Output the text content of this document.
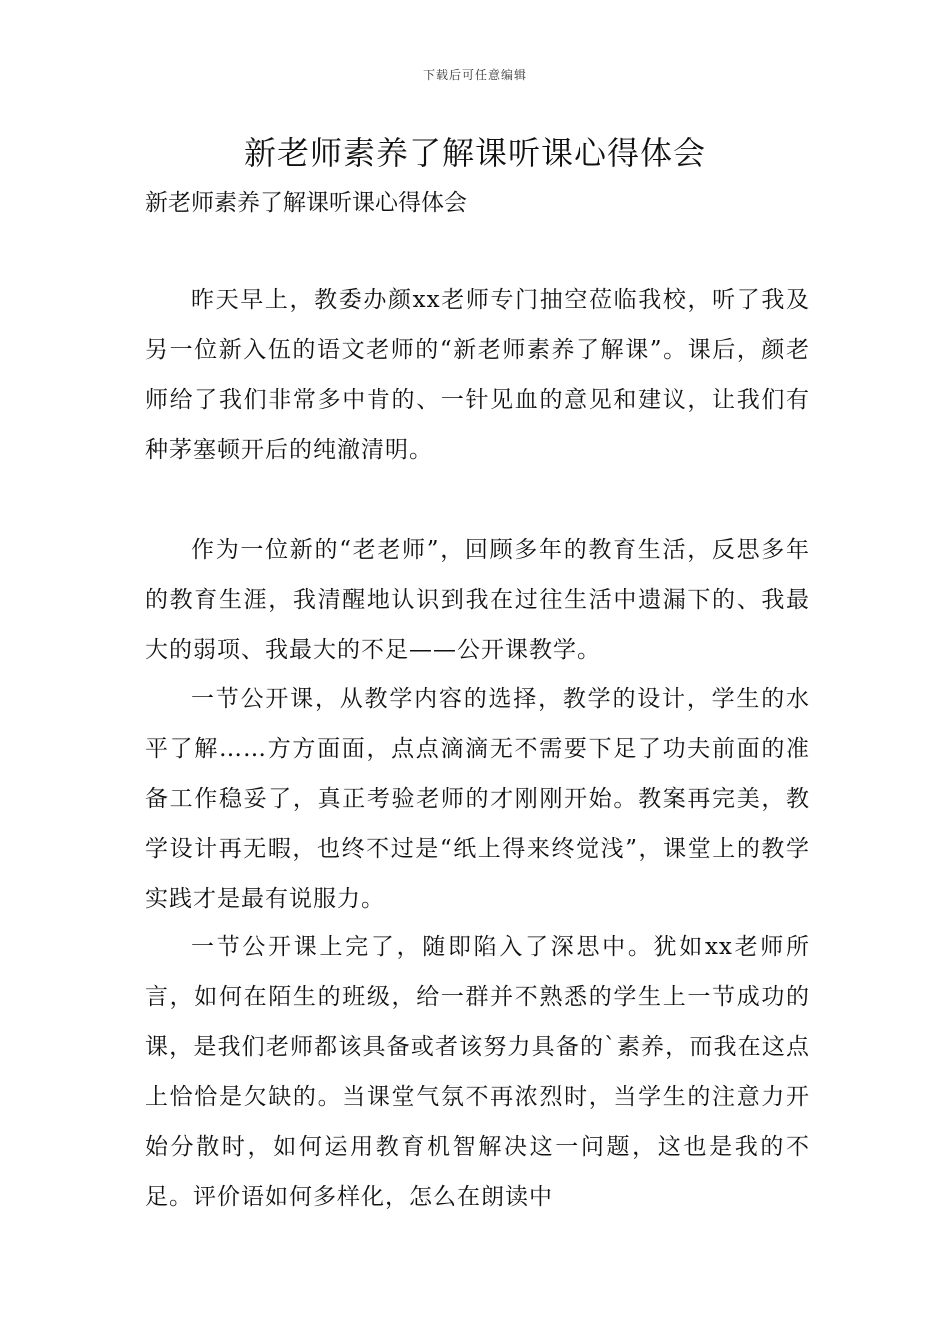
下载后可任意编辑
新老师素养了解课听课心得体会

新老师素养了解课听课心得体会

昨天早上，教委办颜xx老师专门抽空莅临我校，听了我及另一位新入伍的语文老师的“新老师素养了解课”。课后，颜老师给了我们非常多中肯的、一针见血的意见和建议，让我们有种茅塞顿开后的纯澈清明。

作为一位新的“老老师”，回顾多年的教育生活，反思多年的教育生涯，我清醒地认识到我在过往生活中遗漏下的、我最大的弱项、我最大的不足——公开课教学。

一节公开课，从教学内容的选择，教学的设计，学生的水平了解……方方面面，点点滴滴无不需要下足了功夫前面的准备工作稳妥了，真正考验老师的才刚刚开始。教案再完美，教学设计再无暇，也终不过是“纸上得来终觉浅”，课堂上的教学实践才是最有说服力。

一节公开课上完了，随即陷入了深思中。犹如xx老师所言，如何在陌生的班级，给一群并不熟悉的学生上一节成功的课，是我们老师都该具备或者该努力具备的`素养，而我在这点上恰恰是欠缺的。当课堂气氛不再浓烈时，当学生的注意力开始分散时，如何运用教育机智解决这一问题，这也是我的不足。评价语如何多样化，怎么在朗读中
